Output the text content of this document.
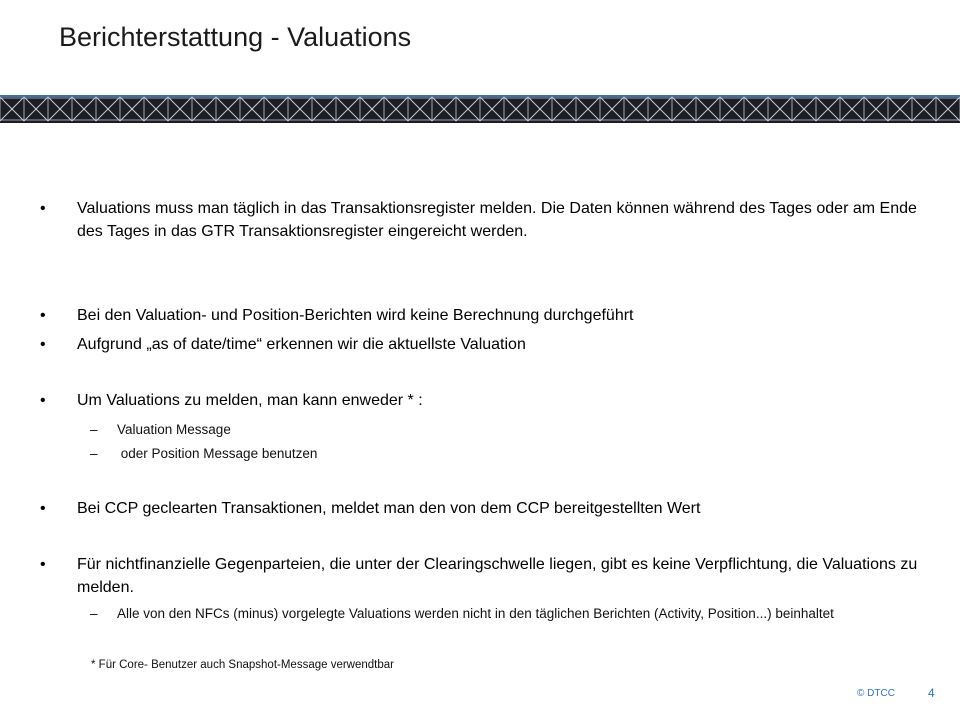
Berichterstattung - Valuations
• Valuations muss man täglich in das Transaktionsregister melden. Die Daten können während des Tages oder am Ende des Tages in das GTR Transaktionsregister eingereicht werden.
• Bei den Valuation- und Position-Berichten wird keine Berechnung durchgeführt
• Aufgrund „as of date/time“ erkennen wir die aktuellste Valuation
• Um Valuations zu melden, man kann enweder * :
– Valuation Message
– oder Position Message benutzen
• Bei CCP geclearten Transaktionen, meldet man den von dem CCP bereitgestellten Wert
• Für nichtfinanzielle Gegenparteien, die unter der Clearingschwelle liegen, gibt es keine Verpflichtung, die Valuations zu melden.
– Alle von den NFCs (minus) vorgelegte Valuations werden nicht in den täglichen Berichten (Activity, Position...) beinhaltet
* Für Core- Benutzer auch Snapshot-Message verwendtbar
© DTCC	4
